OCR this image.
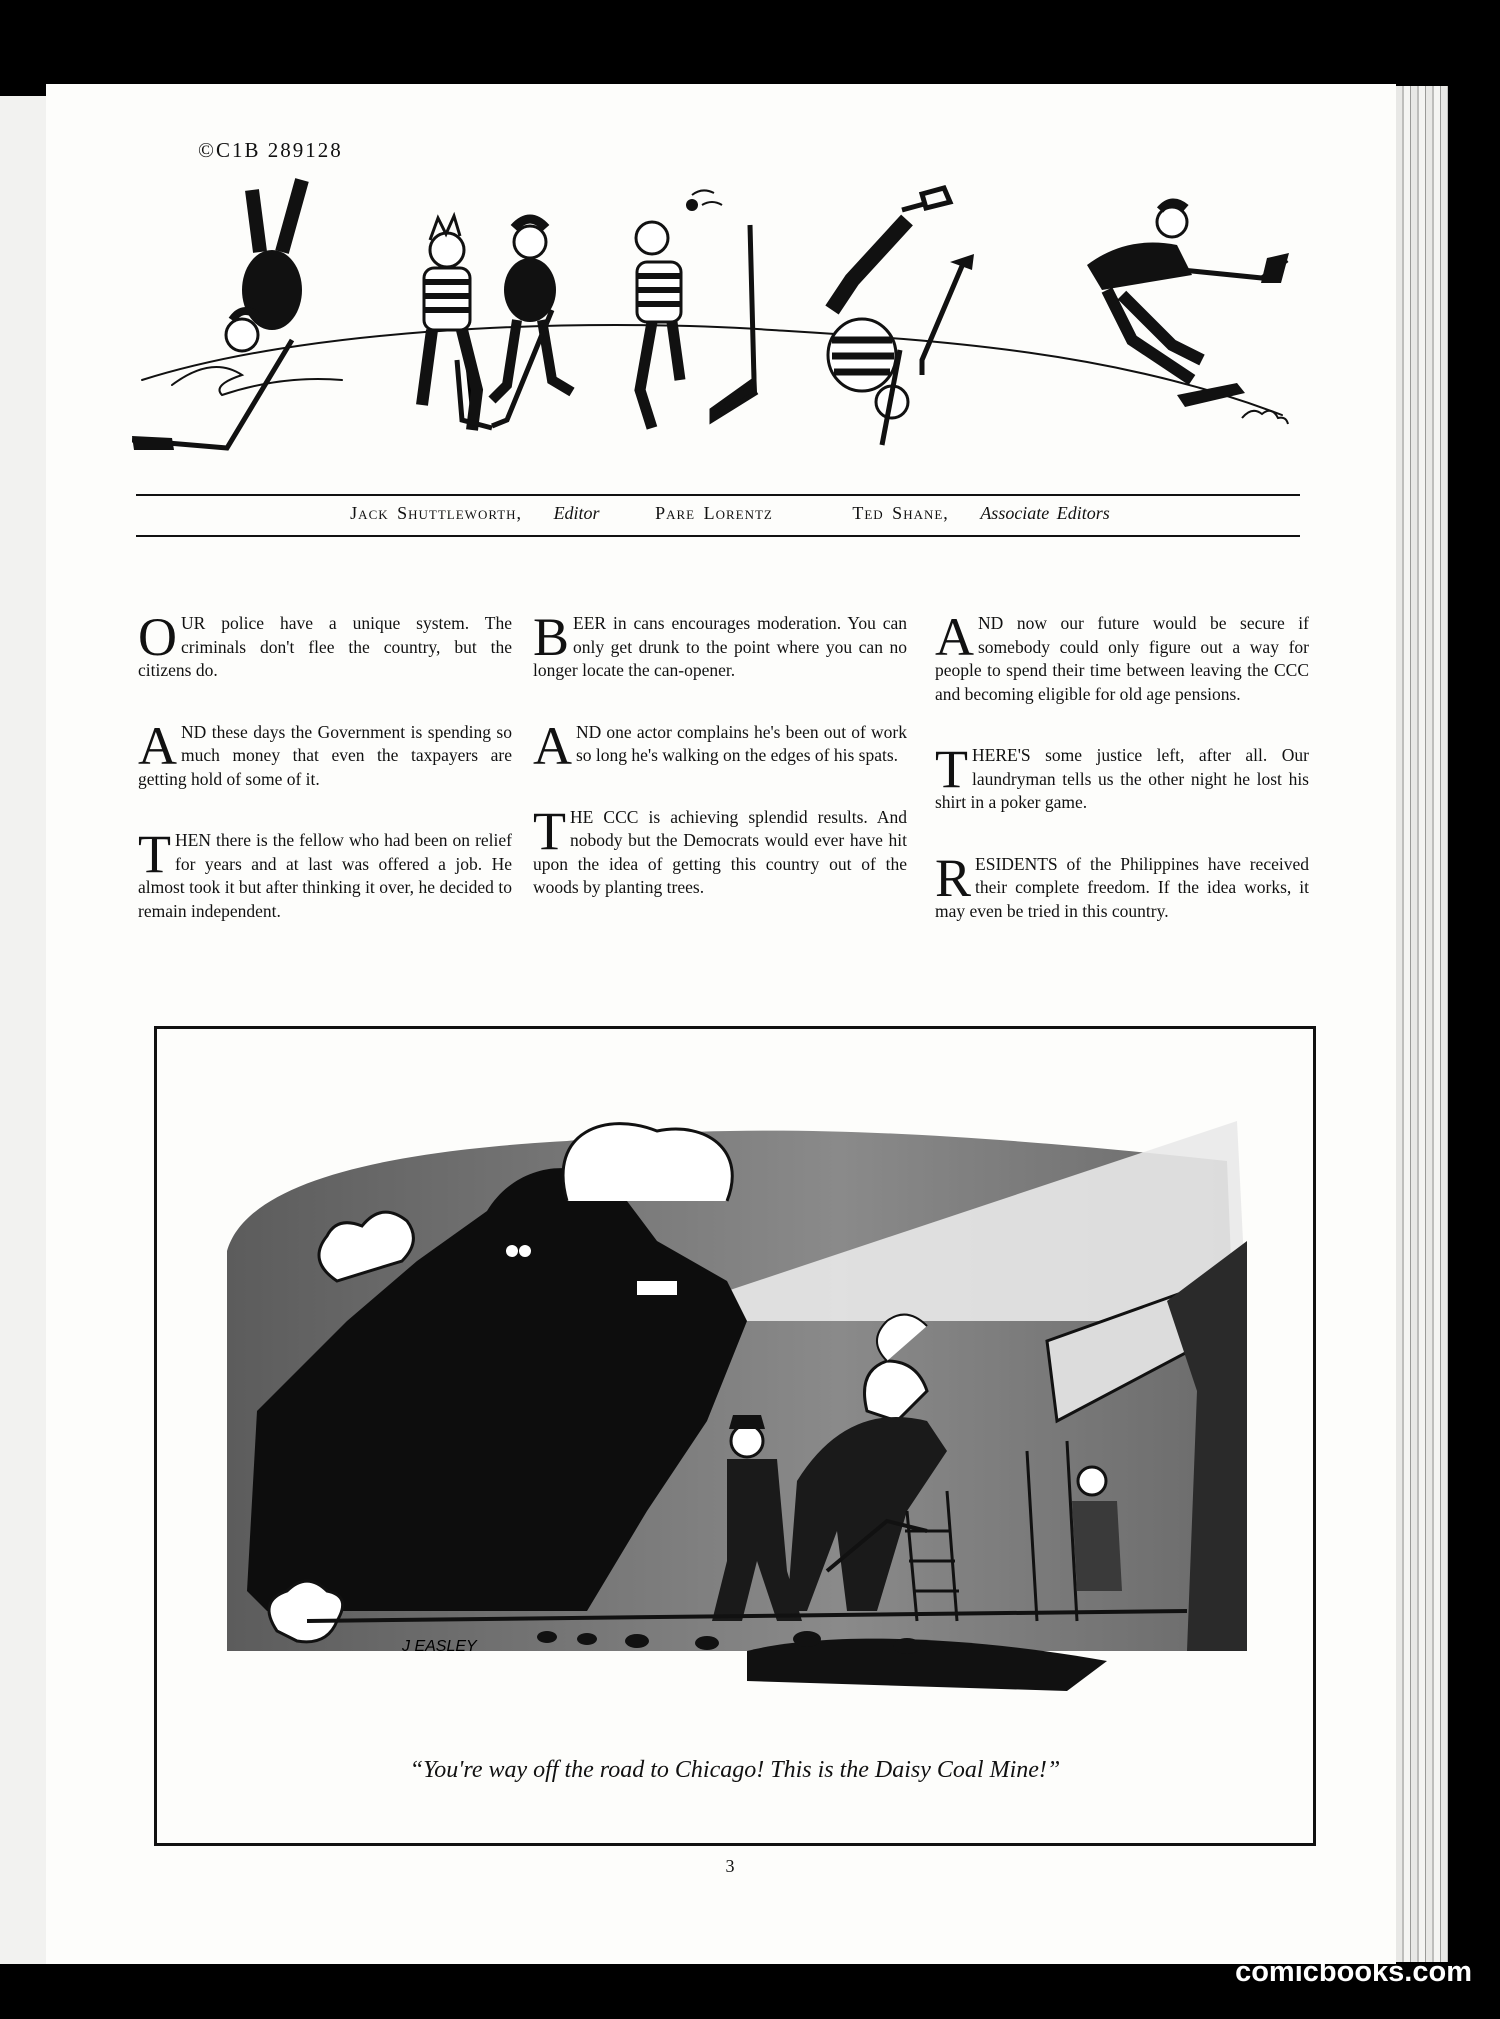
©C1B 289128
Jack Shuttleworth, Editor	Pare Lorentz	Ted Shane, Associate Editors

OUR police have a unique system. The criminals don't flee the country, but the citizens do.

AND these days the Government is spending so much money that even the taxpayers are getting hold of some of it.

THEN there is the fellow who had been on relief for years and at last was offered a job. He almost took it but after thinking it over, he decided to remain independent.

BEER in cans encourages moderation. You can only get drunk to the point where you can no longer locate the can-opener.

AND one actor complains he's been out of work so long he's walking on the edges of his spats.

THE CCC is achieving splendid results. And nobody but the Democrats would ever have hit upon the idea of getting this country out of the woods by planting trees.

AND now our future would be secure if somebody could only figure out a way for people to spend their time between leaving the CCC and becoming eligible for old age pensions.

THERE'S some justice left, after all. Our laundryman tells us the other night he lost his shirt in a poker game.

RESIDENTS of the Philippines have received their complete freedom. If the idea works, it may even be tried in this country.

J EASLEY
“You're way off the road to Chicago! This is the Daisy Coal Mine!”
3
comicbooks.com
